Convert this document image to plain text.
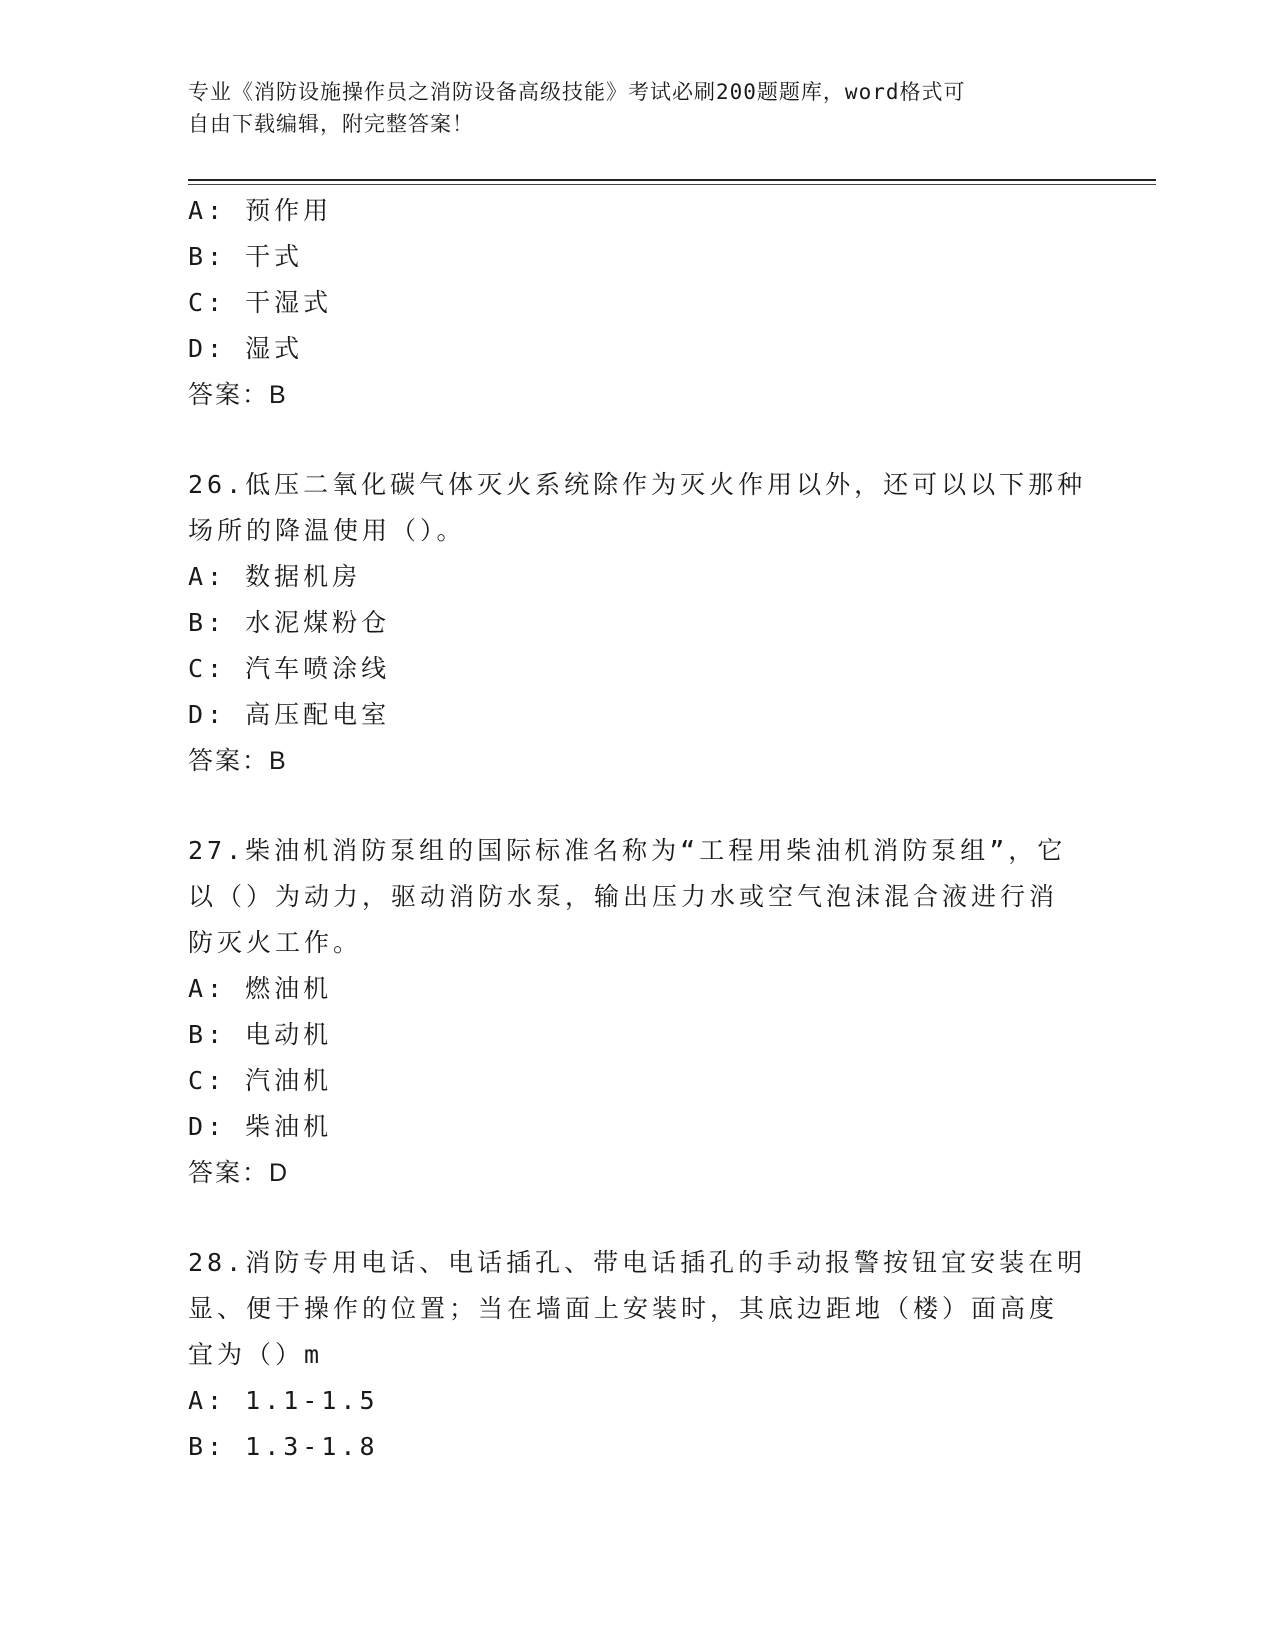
专业《消防设施操作员之消防设备高级技能》考试必刷200题题库，word格式可
自由下载编辑，附完整答案！
A: 预作用
B: 干式
C: 干湿式
D: 湿式
答案：B
26.低压二氧化碳气体灭火系统除作为灭火作用以外，还可以以下那种
场所的降温使用（）。
A: 数据机房
B: 水泥煤粉仓
C: 汽车喷涂线
D: 高压配电室
答案：B
27.柴油机消防泵组的国际标准名称为“工程用柴油机消防泵组”，它
以（）为动力，驱动消防水泵，输出压力水或空气泡沫混合液进行消
防灭火工作。
A: 燃油机
B: 电动机
C: 汽油机
D: 柴油机
答案：D
28.消防专用电话、电话插孔、带电话插孔的手动报警按钮宜安装在明
显、便于操作的位置；当在墙面上安装时，其底边距地（楼）面高度
宜为（）m
A: 1.1-1.5
B: 1.3-1.8
